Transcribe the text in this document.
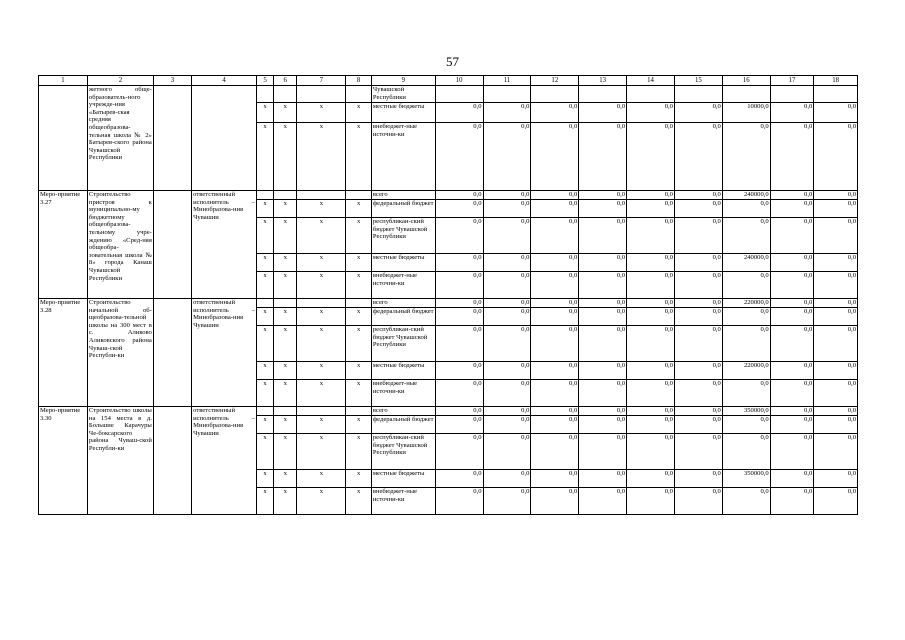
57
1	2	3	4	5	6	7	8	9	10	11	12	13	14	15	16	17	18
	жетного обще-образователь-ного учрежде-ния «Батырев-ская средняя общеобразова-тельная школа № 2» Батырев-ского района Чувашской Республики							Чувашской Республики									
				x	x	x	x	местные бюджеты	0,0	0,0	0,0	0,0	0,0	0,0	10000,0	0,0	0,0
				x	x	x	x	внебюджет-ные источни-ки	0,0	0,0	0,0	0,0	0,0	0,0	0,0	0,0	0,0
Меро-приятие 3.27	Строительство пристроя к муниципально-му бюджетному общеобразова-тельному учре-ждению «Сред-няя общеобра-зовательная школа № 8» города Канаш Чувашской Республики		ответственный исполнитель – Минобразова-ния Чувашии					всего	0,0	0,0	0,0	0,0	0,0	0,0	240000,0	0,0	0,0
				x	x	x	x	федеральный бюджет	0,0	0,0	0,0	0,0	0,0	0,0	0,0	0,0	0,0
				x	x	x	x	республикан-ский бюджет Чувашской Республики	0,0	0,0	0,0	0,0	0,0	0,0	0,0	0,0	0,0
				x	x	x	x	местные бюджеты	0,0	0,0	0,0	0,0	0,0	0,0	240000,0	0,0	0,0
				x	x	x	x	внебюджет-ные источни-ки	0,0	0,0	0,0	0,0	0,0	0,0	0,0	0,0	0,0
Меро-приятие 3.28	Строительство начальной об-щеобразова-тельной школы на 300 мест в с. Аликово Аликовского района Чуваш-ской Республи-ки		ответственный исполнитель – Минобразова-ния Чувашии					всего	0,0	0,0	0,0	0,0	0,0	0,0	220000,0	0,0	0,0
				x	x	x	x	федеральный бюджет	0,0	0,0	0,0	0,0	0,0	0,0	0,0	0,0	0,0
				x	x	x	x	республикан-ский бюджет Чувашской Республики	0,0	0,0	0,0	0,0	0,0	0,0	0,0	0,0	0,0
				x	x	x	x	местные бюджеты	0,0	0,0	0,0	0,0	0,0	0,0	220000,0	0,0	0,0
				x	x	x	x	внебюджет-ные источни-ки	0,0	0,0	0,0	0,0	0,0	0,0	0,0	0,0	0,0
Меро-приятие 3.30	Строительство школы на 154 места в д. Большие Карачуры Че-боксарского района Чуваш-ской Республи-ки		ответственный исполнитель – Минобразова-ния Чувашии					всего	0,0	0,0	0,0	0,0	0,0	0,0	350000,0	0,0	0,0
				x	x	x	x	федеральный бюджет	0,0	0,0	0,0	0,0	0,0	0,0	0,0	0,0	0,0
				x	x	x	x	республикан-ский бюджет Чувашской Республики	0,0	0,0	0,0	0,0	0,0	0,0	0,0	0,0	0,0
				x	x	x	x	местные бюджеты	0,0	0,0	0,0	0,0	0,0	0,0	350000,0	0,0	0,0
				x	x	x	x	внебюджет-ные источни-ки	0,0	0,0	0,0	0,0	0,0	0,0	0,0	0,0	0,0
